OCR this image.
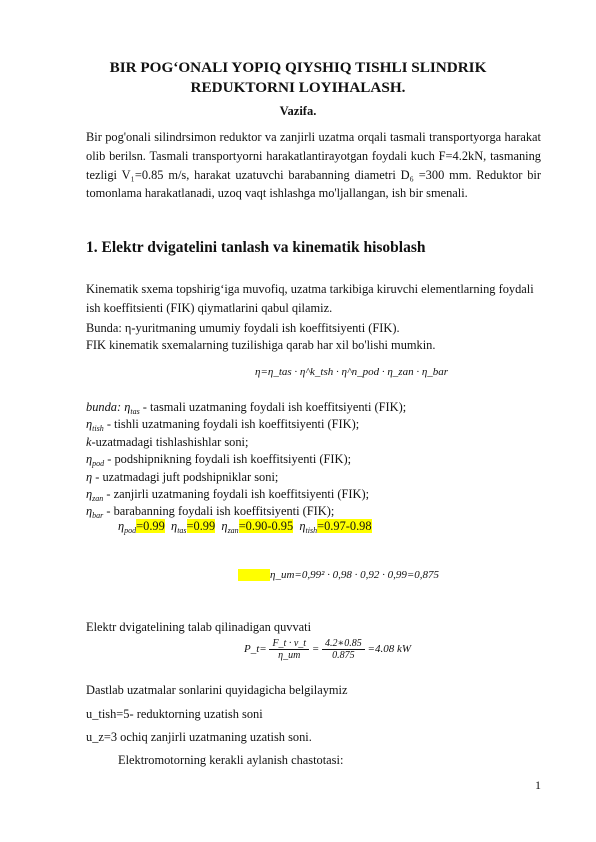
BIR POG‘ONALI YOPIQ QIYSHIQ TISHLI SLINDRIK
REDUKTORNI LOYIHALASH.
Vazifa.
Bir pog'onali silindrsimon reduktor va zanjirli uzatma orqali tasmali transportyorga harakat olib berilsn. Tasmali transportyorni harakatlantirayotgan foydali kuch F=4.2kN, tasmaning tezligi V₁=0.85 m/s, harakat uzatuvchi barabanning diametri D₆ =300 mm. Reduktor bir tomonlama harakatlanadi, uzoq vaqt ishlashga mo'ljallangan, ish bir smenali.
1. Elektr dvigatelini tanlash va kinematik hisoblash
Kinematik sxema topshirig‘iga muvofiq, uzatma tarkibiga kiruvchi elementlarning foydali ish koeffitsienti (FIK) qiymatlarini qabul qilamiz.
Bunda: η-yuritmaning umumiy foydali ish koeffitsiyenti (FIK).
FIK kinematik sxemalarning tuzilishiga qarab har xil bo'lishi mumkin.
η=η_tas · η^k_tsh · η^n_pod · η_zan · η_bar
bunda: $\eta_{tas}$ - tasmali uzatmaning foydali ish koeffitsiyenti (FIK);
$\eta_{tish}$ - tishli uzatmaning foydali ish koeffitsiyenti (FIK);
k-uzatmadagi tishlashishlar soni;
$\eta_{pod}$ - podshipnikning foydali ish koeffitsiyenti (FIK);
η - uzatmadagi juft podshipniklar soni;
$\eta_{zan}$ - zanjirli uzatmaning foydali ish koeffitsiyenti (FIK);
$\eta_{bar}$ - barabanning foydali ish koeffitsiyenti (FIK);
$\eta_{pod}=0.99$ $\eta_{tas}=0.99$ $\eta_{zan}=0.90-0.95$ $\eta_{tish}=0.97-0.98$
η_um=0,99² · 0,98 · 0,92 · 0,99=0,875
Elektr dvigatelining talab qilinadigan quvvati
P_t= $\frac{F\_t \cdot v\_t}{\eta\_um} = \frac{4.2∗0.85}{0.875} =4.08$ kW
Dastlab uzatmalar sonlarini quyidagicha belgilaymiz
u_tish=5- reduktorning uzatish soni
u_z=3 ochiq zanjirli uzatmaning uzatish soni.
Elektromotorning kerakli aylanish chastotasi:
1
